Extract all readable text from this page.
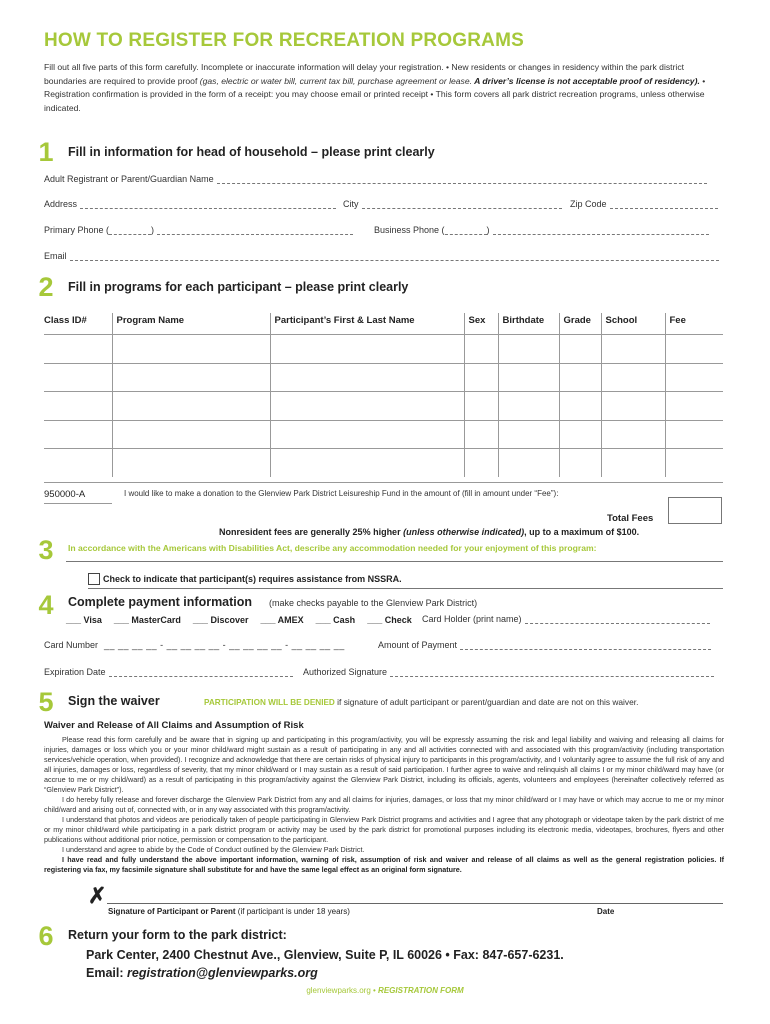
HOW TO REGISTER FOR RECREATION PROGRAMS
Fill out all five parts of this form carefully. Incomplete or inaccurate information will delay your registration. • New residents or changes in residency within the park district boundaries are required to provide proof (gas, electric or water bill, current tax bill, purchase agreement or lease. A driver’s license is not acceptable proof of residency). • Registration confirmation is provided in the form of a receipt: you may choose email or printed receipt • This form covers all park district recreation programs, unless otherwise indicated.
1	Fill in information for head of household – please print clearly
Adult Registrant or Parent/Guardian Name
Address	City	Zip Code
Primary Phone (	)	Business Phone (	)
Email
2	Fill in programs for each participant – please print clearly
Class ID#	Program Name	Participant’s First & Last Name	Sex	Birthdate	Grade	School	Fee

950000-A	I would like to make a donation to the Glenview Park District Leisureship Fund in the amount of (fill in amount under “Fee”):
Total Fees
Nonresident fees are generally 25% higher (unless otherwise indicated), up to a maximum of $100.
3	In accordance with the Americans with Disabilities Act, describe any accommodation needed for your enjoyment of this program:
Check to indicate that participant(s) requires assistance from NSSRA.
4	Complete payment information (make checks payable to the Glenview Park District)
___ Visa ___ MasterCard ___ Discover ___ AMEX ___ Cash ___ Check Card Holder (print name)
Card Number __ __ __ __ - __ __ __ __ - __ __ __ __ - __ __ __ __	Amount of Payment
Expiration Date	Authorized Signature
5	Sign the waiver	PARTICIPATION WILL BE DENIED if signature of adult participant or parent/guardian and date are not on this waiver.
Waiver and Release of All Claims and Assumption of Risk

Please read this form carefully and be aware that in signing up and participating in this program/activity, you will be expressly assuming the risk and legal liability and waiving and releasing all claims for injuries, damages or loss which you or your minor child/ward might sustain as a result of participating in any and all activities connected with and associated with this program/activity (including transportation services/vehicle operation, when provided). I recognize and acknowledge that there are certain risks of physical injury to participants in this program/activity, and I voluntarily agree to assume the full risk of any and all injuries, damages or loss, regardless of severity, that my minor child/ward or I may sustain as a result of said participation. I further agree to waive and relinquish all claims I or my minor child/ward may have (or accrue to me or my child/ward) as a result of participating in this program/activity against the Glenview Park District, including its officials, agents, volunteers and employees (hereinafter collectively referred as “Glenview Park District”).

I do hereby fully release and forever discharge the Glenview Park District from any and all claims for injuries, damages, or loss that my minor child/ward or I may have or which may accrue to me or my minor child/ward and arising out of, connected with, or in any way associated with this program/activity.

I understand that photos and videos are periodically taken of people participating in Glenview Park District programs and activities and I agree that any photograph or videotape taken by the park district of me or my minor child/ward while participating in a park district program or activity may be used by the park district for promotional purposes including its electronic media, videotapes, brochures, flyers and other publications without additional prior notice, permission or compensation to the participant.

I understand and agree to abide by the Code of Conduct outlined by the Glenview Park District.

I have read and fully understand the above important information, warning of risk, assumption of risk and waiver and release of all claims as well as the general registration policies. If registering via fax, my facsimile signature shall substitute for and have the same legal effect as an original form signature.

✗
Signature of Participant or Parent (if participant is under 18 years)	Date
6	Return your form to the park district:
Park Center, 2400 Chestnut Ave., Glenview, Suite P, IL 60026 • Fax: 847-657-6231.
Email: registration@glenviewparks.org
glenviewparks.org • REGISTRATION FORM
